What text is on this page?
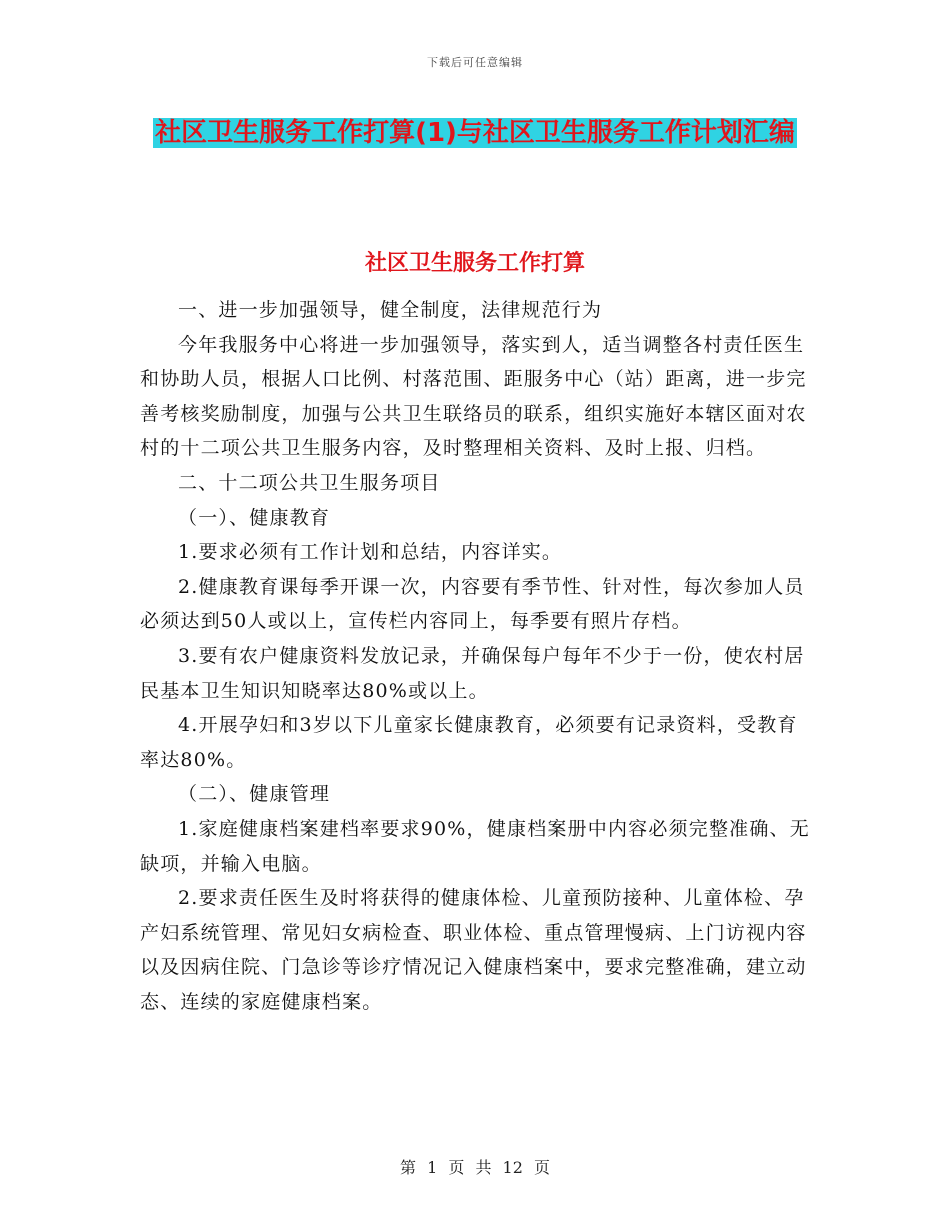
下载后可任意编辑
社区卫生服务工作打算(1)与社区卫生服务工作计划汇编
社区卫生服务工作打算

一、进一步加强领导，健全制度，法律规范行为

今年我服务中心将进一步加强领导，落实到人，适当调整各村责任医生和协助人员，根据人口比例、村落范围、距服务中心（站）距离，进一步完善考核奖励制度，加强与公共卫生联络员的联系，组织实施好本辖区面对农村的十二项公共卫生服务内容，及时整理相关资料、及时上报、归档。

二、十二项公共卫生服务项目

（一）、健康教育

1.要求必须有工作计划和总结，内容详实。

2.健康教育课每季开课一次，内容要有季节性、针对性，每次参加人员必须达到50人或以上，宣传栏内容同上，每季要有照片存档。

3.要有农户健康资料发放记录，并确保每户每年不少于一份，使农村居民基本卫生知识知晓率达80%或以上。

4.开展孕妇和3岁以下儿童家长健康教育，必须要有记录资料，受教育率达80%。

（二）、健康管理

1.家庭健康档案建档率要求90%，健康档案册中内容必须完整准确、无缺项，并输入电脑。

2.要求责任医生及时将获得的健康体检、儿童预防接种、儿童体检、孕产妇系统管理、常见妇女病检查、职业体检、重点管理慢病、上门访视内容以及因病住院、门急诊等诊疗情况记入健康档案中，要求完整准确，建立动态、连续的家庭健康档案。

第 1 页 共 12 页
